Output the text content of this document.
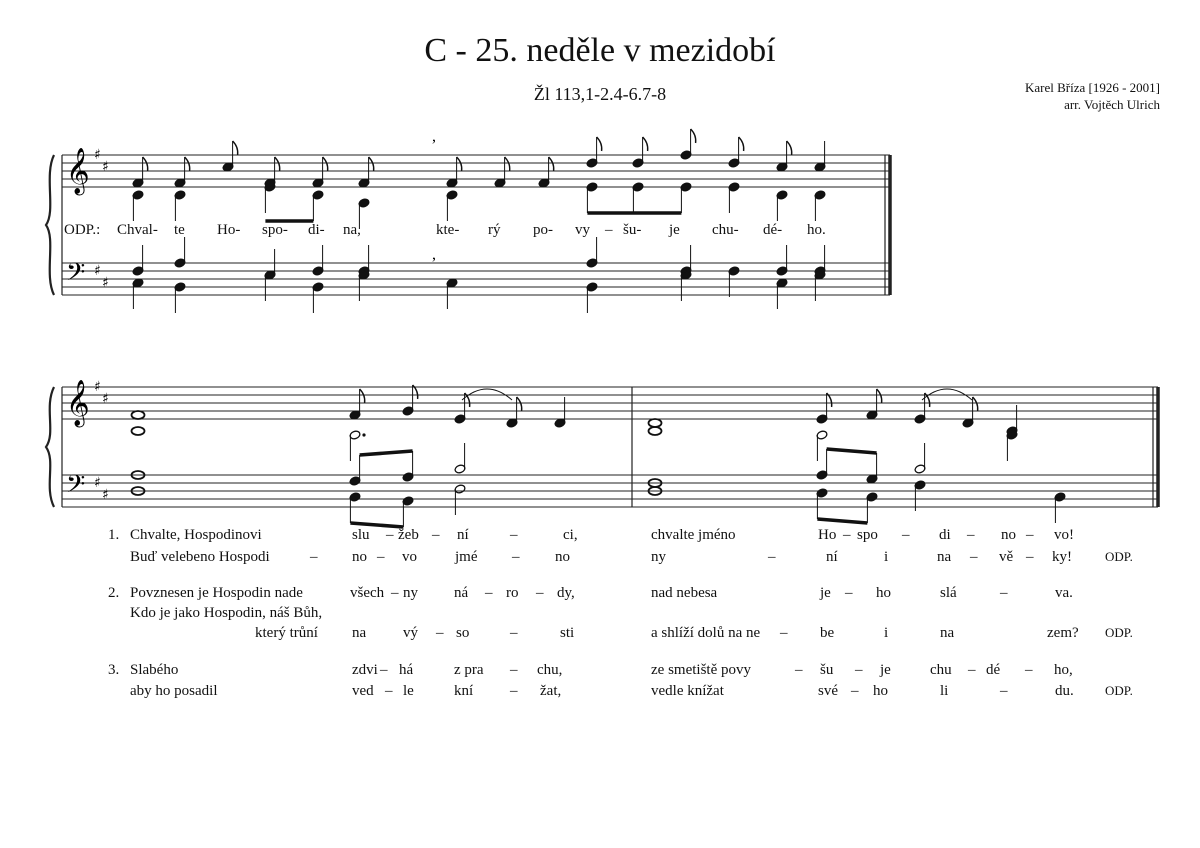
C - 25. neděle v mezidobí
Žl 113,1-2.4-6.7-8	Karel Bříza [1926 - 2001]
arr. Vojtěch Ulrich
𝄞
𝄢
♯
♯
♯
♯
,
,
𝄞
𝄢
♯
♯
♯
♯
ODP.: Chval- te Ho- spo- di- na,	kte- rý po- vy – šu- je chu- dé- ho.
1. Chvalte, Hospodinovi	slu – žeb – ní	–	ci,	chvalte jméno	Ho – spo – di – no – vo!
Buď velebeno Hospodi	– no – vo	jmé – no	ny	–	ní	i	na – vě – ky!	ODP.
2. Povznesen je Hospodin nade	všech – ny ná – ro – dy,	nad nebesa	je – ho	slá	–	va.
Kdo je jako Hospodin, náš Bůh,
který trůní na vý – so	–	sti	a shlíží dolů na ne – be	i	na	zem? ODP.
3. Slabého	zdvi – há	z pra – chu,	ze smetiště povy	– šu – je	chu – dé – ho,
aby ho posadil	ved – le	kní – žat,	vedle knížat	své – ho	li	–	du. ODP.
